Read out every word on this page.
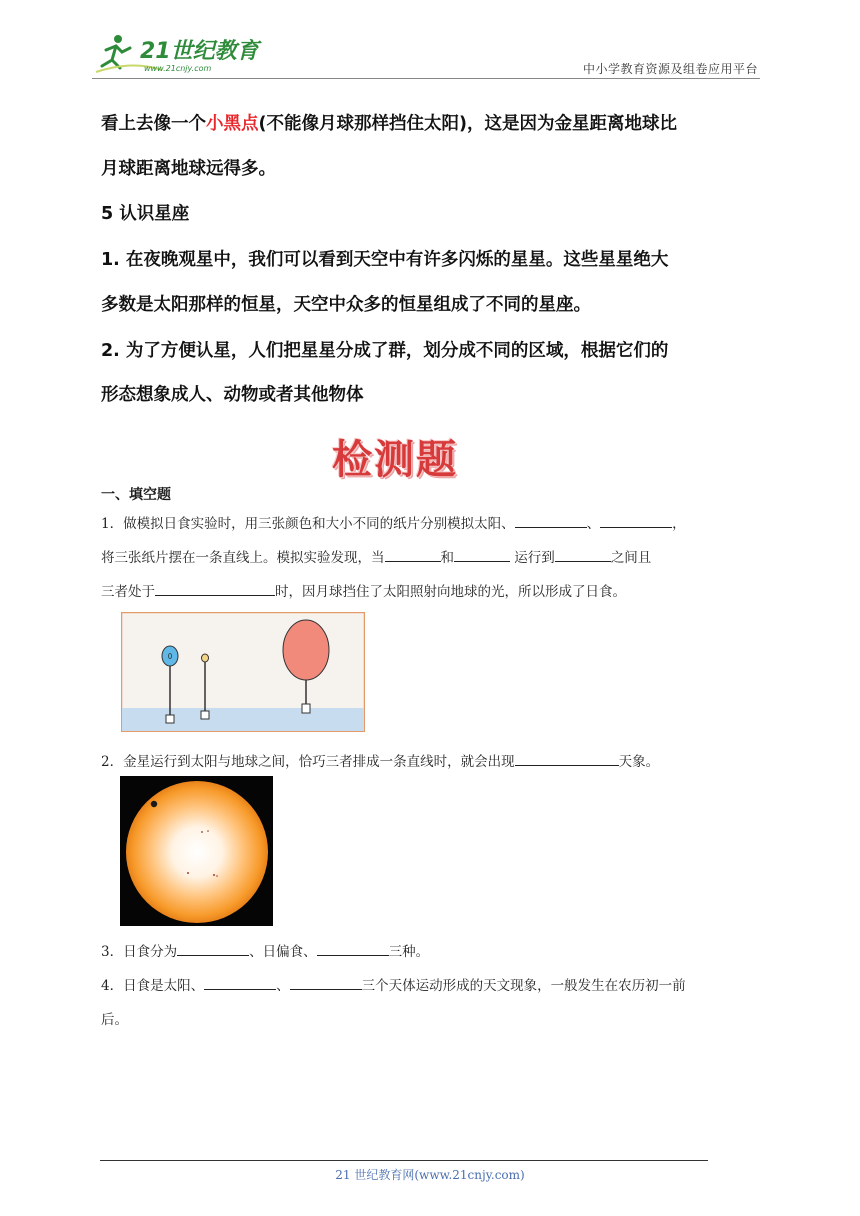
21世纪教育
www.21cnjy.com	中小学教育资源及组卷应用平台
看上去像一个小黑点(不能像月球那样挡住太阳)，这是因为金星距离地球比
月球距离地球远得多。
5 认识星座
1. 在夜晚观星中，我们可以看到天空中有许多闪烁的星星。这些星星绝大
多数是太阳那样的恒星，天空中众多的恒星组成了不同的星座。
2. 为了方便认星，人们把星星分成了群，划分成不同的区域，根据它们的
形态想象成人、动物或者其他物体
检测题
一、填空题
1．做模拟日食实验时，用三张颜色和大小不同的纸片分别模拟太阳、	、	，
将三张纸片摆在一条直线上。模拟实验发现，当	和	运行到	之间且
三者处于	时，因月球挡住了太阳照射向地球的光，所以形成了日食。
2．金星运行到太阳与地球之间，恰巧三者排成一条直线时，就会出现	天象。
3．日食分为	、日偏食、	三种。
4．日食是太阳、	、	三个天体运动形成的天文现象，一般发生在农历初一前
后。
21 世纪教育网(www.21cnjy.com)
